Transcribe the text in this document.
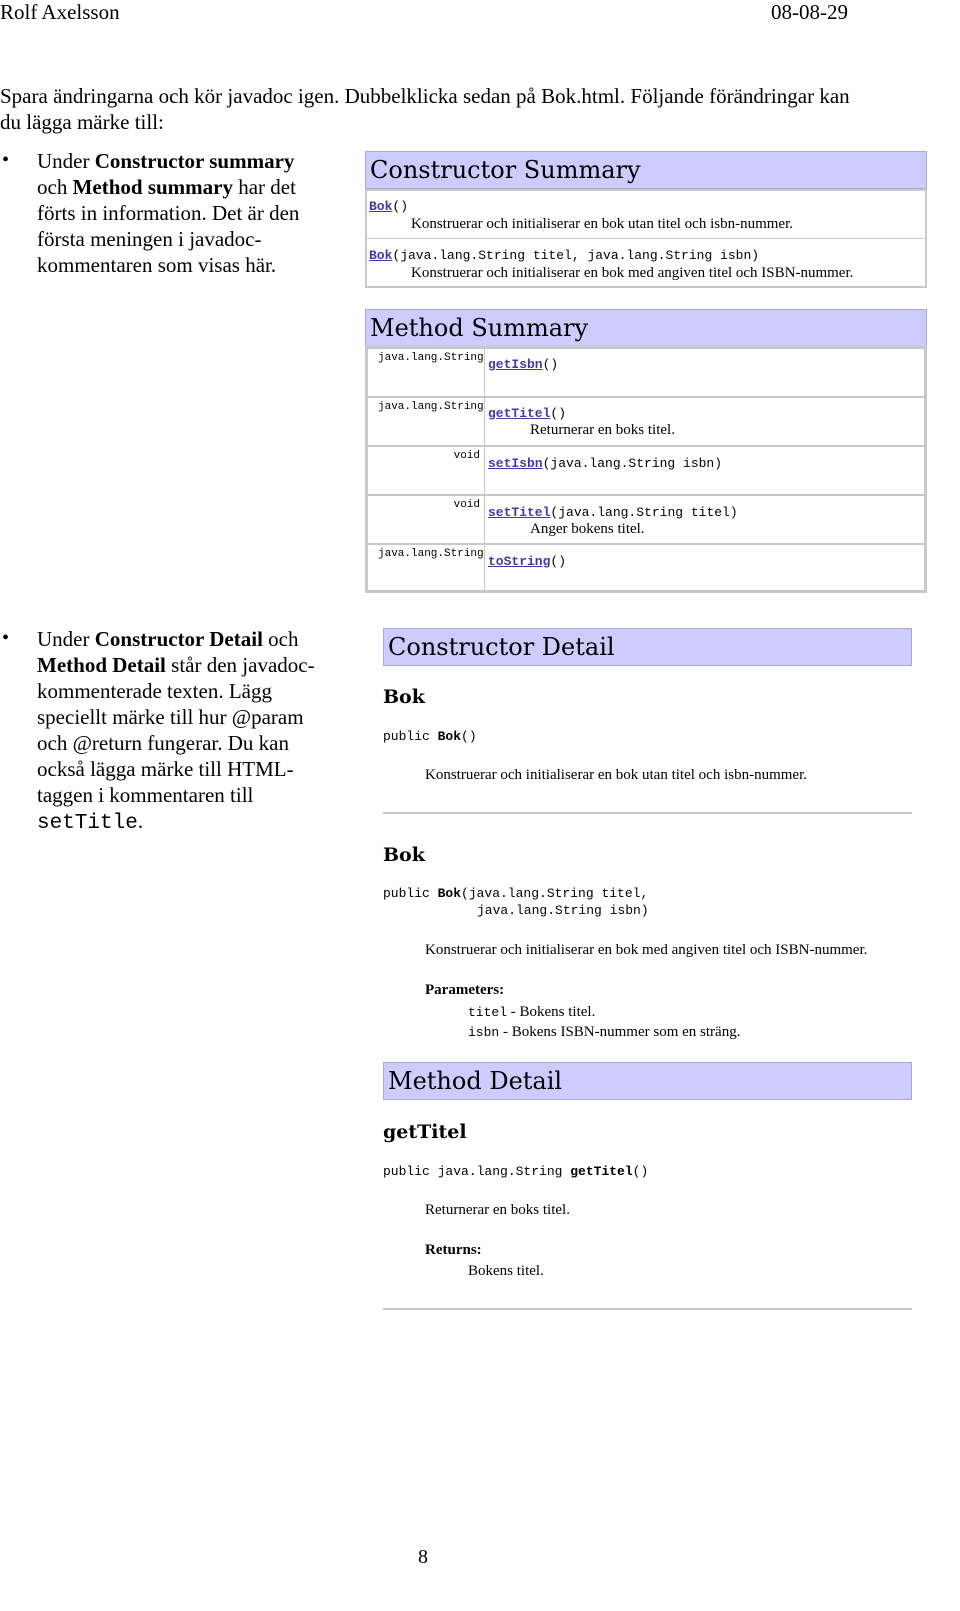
Rolf Axelsson	08-08-29
Spara ändringarna och kör javadoc igen. Dubbelklicka sedan på Bok.html. Följande förändringar kan
du lägga märke till:
• Under Constructor summary
och Method summary har det
förts in information. Det är den
första meningen i javadoc-
kommentaren som visas här.
Constructor Summary
Bok()
Konstruerar och initialiserar en bok utan titel och isbn-nummer.
Bok(java.lang.String titel, java.lang.String isbn)
Konstruerar och initialiserar en bok med angiven titel och ISBN-nummer.
Method Summary
java.lang.String getIsbn()
java.lang.String getTitel()
Returnerar en boks titel.
void setIsbn(java.lang.String isbn)
void setTitel(java.lang.String titel)
Anger bokens titel.
java.lang.String toString()
• Under Constructor Detail och
Method Detail står den javadoc-
kommenterade texten. Lägg
speciellt märke till hur @param
och @return fungerar. Du kan
också lägga märke till HTML-
taggen i kommentaren till
setTitle.
Constructor Detail
Bok
public Bok()
Konstruerar och initialiserar en bok utan titel och isbn-nummer.
Bok
public Bok(java.lang.String titel,
java.lang.String isbn)
Konstruerar och initialiserar en bok med angiven titel och ISBN-nummer.
Parameters:
titel - Bokens titel.
isbn - Bokens ISBN-nummer som en sträng.
Method Detail
getTitel
public java.lang.String getTitel()
Returnerar en boks titel.
Returns:
Bokens titel.
8
